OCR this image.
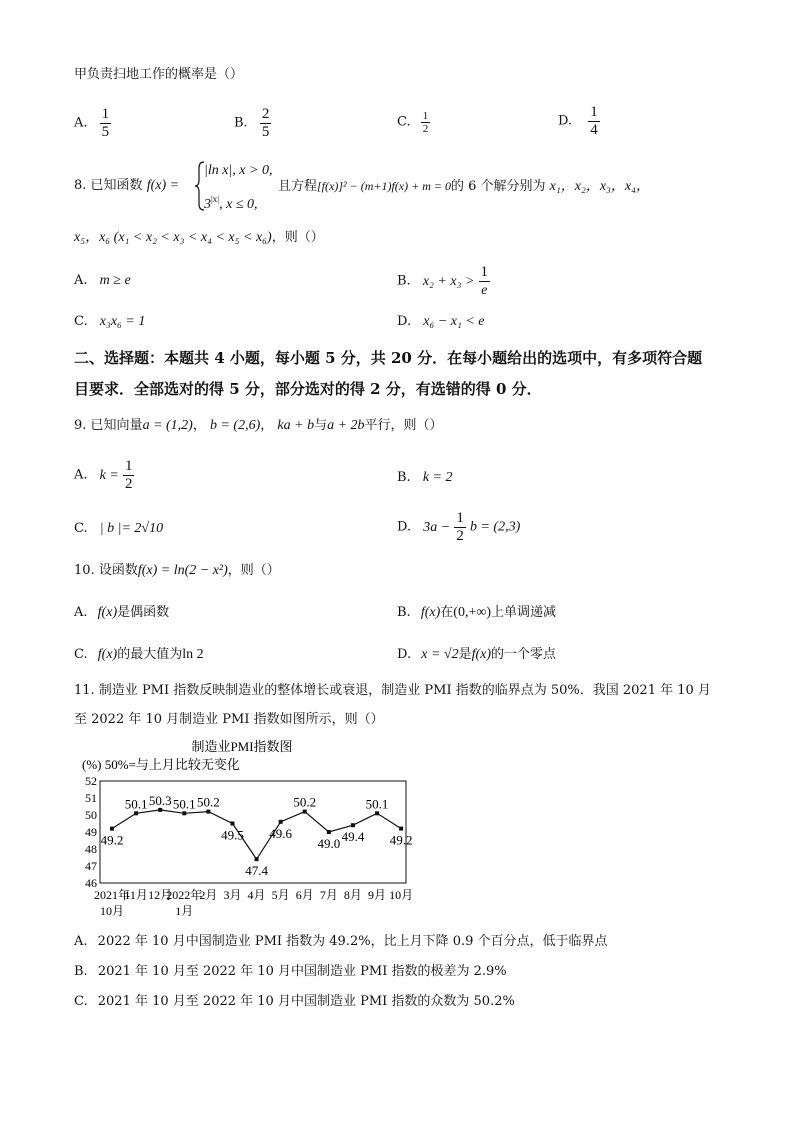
甲负责扫地工作的概率是（）
A. $\frac{1}{5}$	B. $\frac{2}{5}$	C. $\frac{1}{2}$	D. $\frac{1}{4}$
8. 已知函数 f(x) =
|ln x|, x > 0,
$3^{|x|}$, x ≤ 0,
且方程[f(x)]² − (m+1)f(x) + m = 0的 6 个解分别为 x₁，x₂，x₃，x₄，
x₅，x₆ (x₁ < x₂ < x₃ < x₄ < x₅ < x₆)，则（）
A. m ≥ e	B. $x_2 + x_3 > \frac{1}{e}$
C. x₃x₆ = 1	D. x₆ − x₁ < e
二、选择题：本题共 4 小题，每小题 5 分，共 20 分．在每小题给出的选项中，有多项符合题
目要求．全部选对的得 5 分，部分选对的得 2 分，有选错的得 0 分．
9. 已知向量a = (1,2)， b = (2,6)， ka + b与a + 2b平行，则（）
A. $k = \frac{1}{2}$	B. k = 2
C. | b |= 2√10	D. $3a - \frac{1}{2}$ b = (2,3)
10. 设函数f(x) = ln(2 − x²)，则（）
A. f(x)是偶函数	B. f(x)在(0,+∞)上单调递减
C. f(x)的最大值为ln 2	D. x = √2是f(x)的一个零点
11. 制造业 PMI 指数反映制造业的整体增长或衰退，制造业 PMI 指数的临界点为 50%．我国 2021 年 10 月
至 2022 年 10 月制造业 PMI 指数如图所示，则（）
制造业PMI指数图
(%) 50%=与上月比较无变化
52
51
50
49
48
47
46
2021年
11月 12月
2022年
2月 3月 4月 5月 6月 7月 8月 9月 10月
10月	1月
49.2
50.1 50.3 50.1 50.2
49.5
47.4
49.6
50.2
49.0 49.4
50.1
49.2
A. 2022 年 10 月中国制造业 PMI 指数为 49.2%，比上月下降 0.9 个百分点，低于临界点
B. 2021 年 10 月至 2022 年 10 月中国制造业 PMI 指数的极差为 2.9%
C. 2021 年 10 月至 2022 年 10 月中国制造业 PMI 指数的众数为 50.2%
